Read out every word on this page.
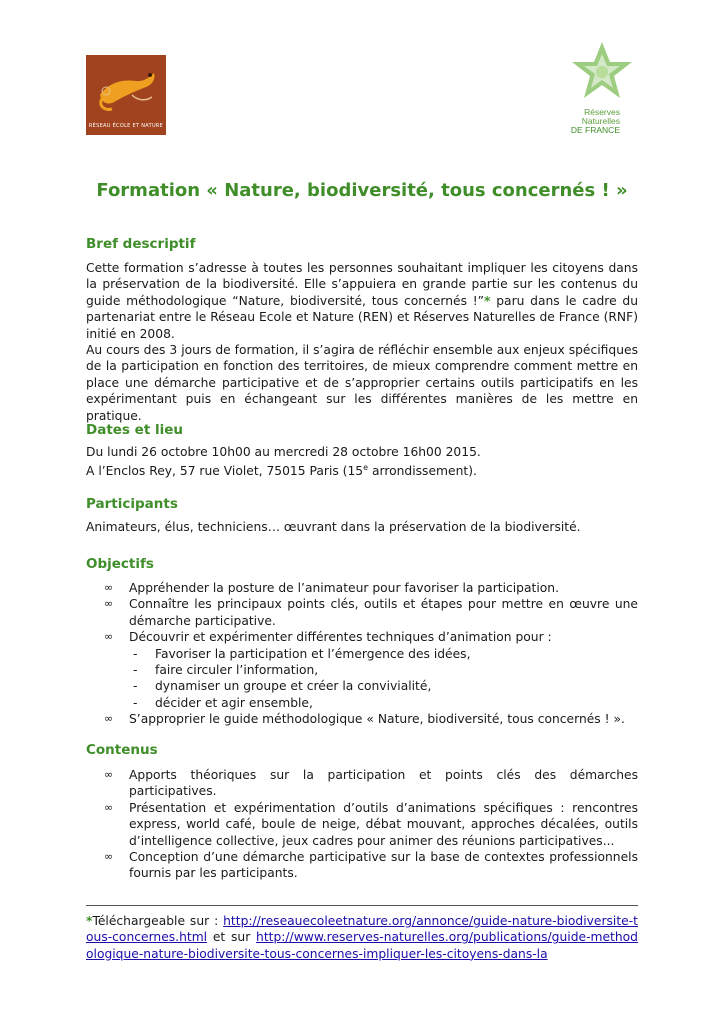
RÉSEAU ÉCOLE ET NATURE
Réserves
Naturelles
DE FRANCE
Formation « Nature, biodiversité, tous concernés ! »
Bref descriptif

Cette formation s’adresse à toutes les personnes souhaitant impliquer les citoyens dans la préservation de la biodiversité. Elle s’appuiera en grande partie sur les contenus du guide méthodologique “Nature, biodiversité, tous concernés !”* paru dans le cadre du partenariat entre le Réseau Ecole et Nature (REN) et Réserves Naturelles de France (RNF) initié en 2008.

Au cours des 3 jours de formation, il s’agira de réfléchir ensemble aux enjeux spécifiques de la participation en fonction des territoires, de mieux comprendre comment mettre en place une démarche participative et de s’approprier certains outils participatifs en les expérimentant puis en échangeant sur les différentes manières de les mettre en pratique.

Dates et lieu

Du lundi 26 octobre 10h00 au mercredi 28 octobre 16h00 2015.

A l’Enclos Rey, 57 rue Violet, 75015 Paris (15e arrondissement).

Participants
Animateurs, élus, techniciens… œuvrant dans la préservation de la biodiversité.
Objectifs
∞ Appréhender la posture de l’animateur pour favoriser la participation.
∞ Connaître les principaux points clés, outils et étapes pour mettre en œuvre une démarche participative.
∞ Découvrir et expérimenter différentes techniques d’animation pour :
- Favoriser la participation et l’émergence des idées,
- faire circuler l’information,
- dynamiser un groupe et créer la convivialité,
- décider et agir ensemble,
∞ S’approprier le guide méthodologique « Nature, biodiversité, tous concernés ! ».
Contenus
∞ Apports théoriques sur la participation et points clés des démarches participatives.
∞ Présentation et expérimentation d’outils d’animations spécifiques : rencontres express, world café, boule de neige, débat mouvant, approches décalées, outils d’intelligence collective, jeux cadres pour animer des réunions participatives...
∞ Conception d’une démarche participative sur la base de contextes professionnels fournis par les participants.
*Téléchargeable sur : http://reseauecoleetnature.org/annonce/guide-nature-biodiversite-tous-concernes.html et sur http://www.reserves-naturelles.org/publications/guide-methodologique-nature-biodiversite-tous-concernes-impliquer-les-citoyens-dans-la
